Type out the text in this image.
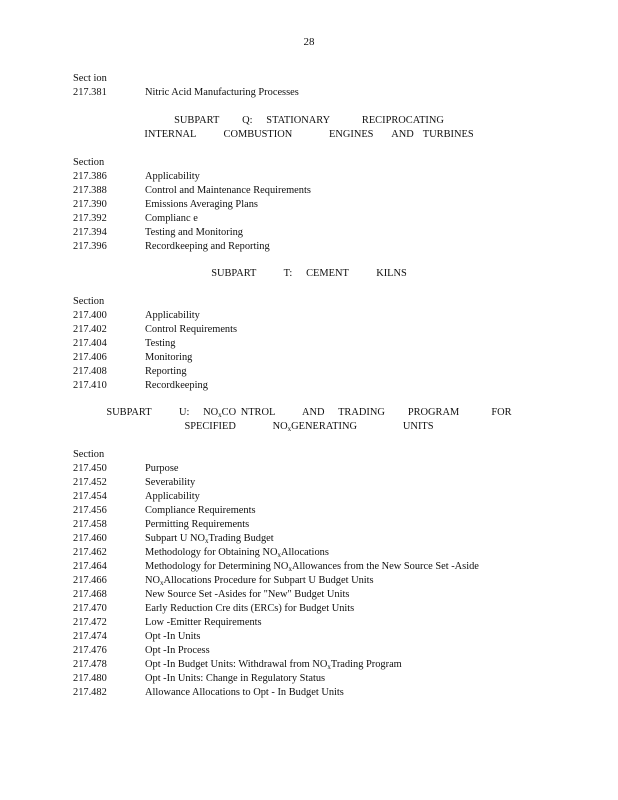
28
Sect ion
217.381	Nitric Acid Manufacturing Processes
SUBPART     Q:   STATIONARY       RECIPROCATING
INTERNAL      COMBUSTION        ENGINES    AND  TURBINES
Section
217.386	Applicability
217.388	Control and Maintenance Requirements
217.390	Emissions Averaging Plans
217.392	Complianc e
217.394	Testing and Monitoring
217.396	Recordkeeping and Reporting
SUBPART      T:   CEMENT      KILNS
Section
217.400	Applicability
217.402	Control Requirements
217.404	Testing
217.406	Monitoring
217.408	Reporting
217.410	Recordkeeping
SUBPART      U:   $NO_xCO$ NTROL      AND   TRADING     PROGRAM       FOR
SPECIFIED        $NO_xGENERATING$          UNITS
Section
217.450	Purpose
217.452	Severability
217.454	Applicability
217.456	Compliance Requirements
217.458	Permitting Requirements
217.460	Subpart U $NO_xTrading$ Budget
217.462	Methodology for Obtaining $NO_xAllocations$
217.464	Methodology for Determining $NO_xAllowances$ from the New Source Set -Aside
217.466	$NO_xAllocations$ Procedure for Subpart U Budget Units
217.468	New Source Set -Asides for "New" Budget Units
217.470	Early Reduction Cre dits (ERCs) for Budget Units
217.472	Low -Emitter Requirements
217.474	Opt -In Units
217.476	Opt -In Process
217.478	Opt -In Budget Units: Withdrawal from $NO_xTrading$ Program
217.480	Opt -In Units: Change in Regulatory Status
217.482	Allowance Allocations to Opt - In Budget Units
